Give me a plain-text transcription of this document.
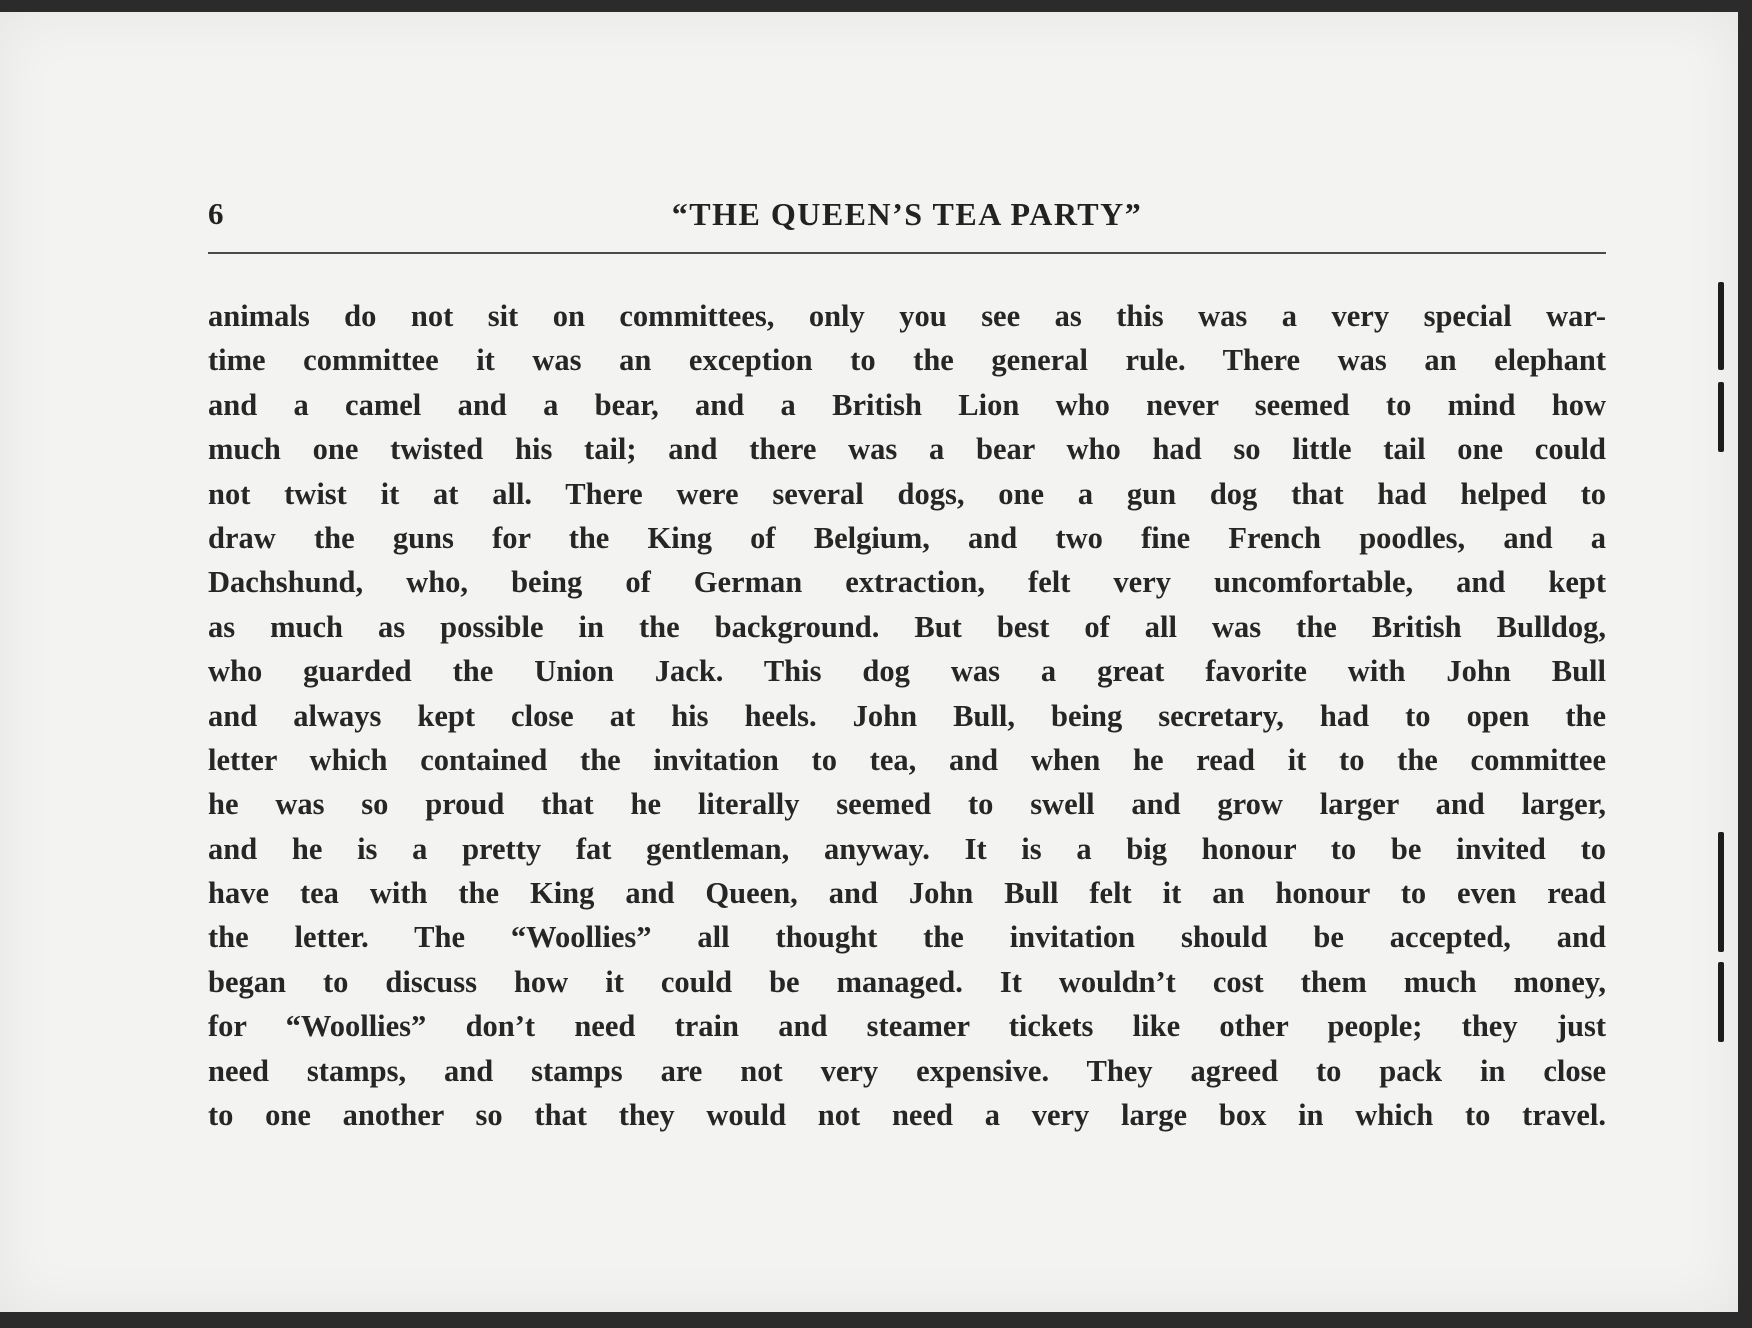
6	“THE QUEEN’S TEA PARTY”
animals do not sit on committees, only you see as this was a very special war-
time committee it was an exception to the general rule. There was an elephant
and a camel and a bear, and a British Lion who never seemed to mind how
much one twisted his tail; and there was a bear who had so little tail one could
not twist it at all. There were several dogs, one a gun dog that had helped to
draw the guns for the King of Belgium, and two fine French poodles, and a
Dachshund, who, being of German extraction, felt very uncomfortable, and kept
as much as possible in the background. But best of all was the British Bulldog,
who guarded the Union Jack. This dog was a great favorite with John Bull
and always kept close at his heels. John Bull, being secretary, had to open the
letter which contained the invitation to tea, and when he read it to the committee
he was so proud that he literally seemed to swell and grow larger and larger,
and he is a pretty fat gentleman, anyway. It is a big honour to be invited to
have tea with the King and Queen, and John Bull felt it an honour to even read
the letter. The “Woollies” all thought the invitation should be accepted, and
began to discuss how it could be managed. It wouldn’t cost them much money,
for “Woollies” don’t need train and steamer tickets like other people; they just
need stamps, and stamps are not very expensive. They agreed to pack in close
to one another so that they would not need a very large box in which to travel.
